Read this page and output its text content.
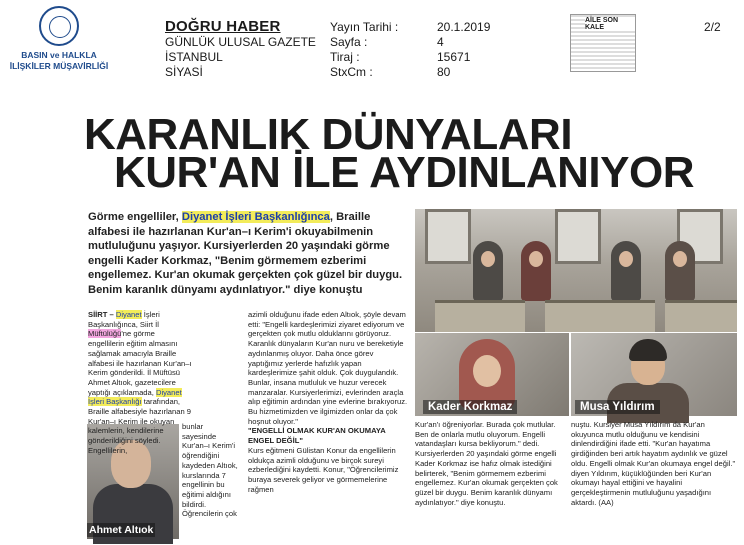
BASIN ve HALKLA İLİŞKİLER MÜŞAVİRLİĞİ
DOĞRU HABER
GÜNLÜK ULUSAL GAZETE
İSTANBUL
SİYASİ
Yayın Tarihi :
Sayfa :
Tiraj :
StxCm :
20.1.2019
4
15671
80
AİLE SON KALE	2/2
KARANLIK DÜNYALARI
KUR'AN İLE AYDINLANIYOR
Görme engelliler, Diyanet İşleri Başkanlığınca, Braille alfabesi ile hazırlanan Kur'an–ı Kerim'i okuyabilmenin mutluluğunu yaşıyor. Kursiyerlerden 20 yaşındaki görme engelli Kader Korkmaz, "Benim görmemem ezberimi engellemez. Kur'an okumak gerçekten çok güzel bir duygu. Benim karanlık dünyamı aydınlatıyor." diye konuştu
Kader Korkmaz	Musa Yıldırım
Ahmet Altıok
SİİRT – Diyanet İşleri Başkanlığınca, Siirt İl Müftülüğü'ne görme engellilerin eğitim almasını sağlamak amacıyla Braille alfabesi ile hazırlanan Kur'an–ı Kerim gönderildi. İl Müftüsü Ahmet Altıok, gazetecilere yaptığı açıklamada, Diyanet İşleri Başkanlığı tarafından, Braille alfabesiyle hazırlanan 9 Kur'an–ı Kerim ile okuyan kalemlerin, kendilerine gönderildiğini söyledi. Engellilerin,
bunlar sayesinde Kur'an–ı Kerim'i öğrendiğini kaydeden Altıok, kurslarında 7 engellinin bu eğitimi aldığını bildirdi. Öğrencilerin çok

azimli olduğunu ifade eden Altıok, şöyle devam etti: "Engelli kardeşlerimizi ziyaret ediyorum ve gerçekten çok mutlu olduklarını görüyoruz. Karanlık dünyaların Kur'an nuru ve bereketiyle aydınlanmış oluyor. Daha önce görev yaptığımız yerlerde hafızlık yapan kardeşlerimize şahit olduk. Çok duygulandık. Bunlar, insana mutluluk ve huzur verecek manzaralar. Kursiyerlerimizi, evlerinden araçla alıp eğitimin ardından yine evlerine bırakıyoruz. Bu hizmetimizden ve ilgimizden onlar da çok hoşnut oluyor."

"ENGELLİ OLMAK KUR'AN OKUMAYA ENGEL DEĞİL"

Kurs eğitmeni Gülistan Konur da engellilerin oldukça azimli olduğunu ve birçok sureyi ezberlediğini kaydetti. Konur, "Öğrencilerimiz buraya severek geliyor ve görmemelerine rağmen

Kur'an'ı öğreniyorlar. Burada çok mutlular. Ben de onlarla mutlu oluyorum. Engelli vatandaşları kursa bekliyorum." dedi. Kursiyerlerden 20 yaşındaki görme engelli Kader Korkmaz ise hafız olmak istediğini belirterek, "Benim görmemem ezberimi engellemez. Kur'an okumak gerçekten çok güzel bir duygu. Benim karanlık dünyamı aydınlatıyor." diye konuştu.
nuştu. Kursiyer Musa Yıldırım da Kur'an okuyunca mutlu olduğunu ve kendisini dinlendirdiğini ifade etti. "Kur'an hayatıma girdiğinden beri artık hayatım aydınlık ve güzel oldu. Engelli olmak Kur'an okumaya engel değil." diyen Yıldırım, küçüklüğünden beri Kur'an okumayı hayal ettiğini ve hayalini gerçekleştirmenin mutluluğunu yaşadığını aktardı. (AA)
